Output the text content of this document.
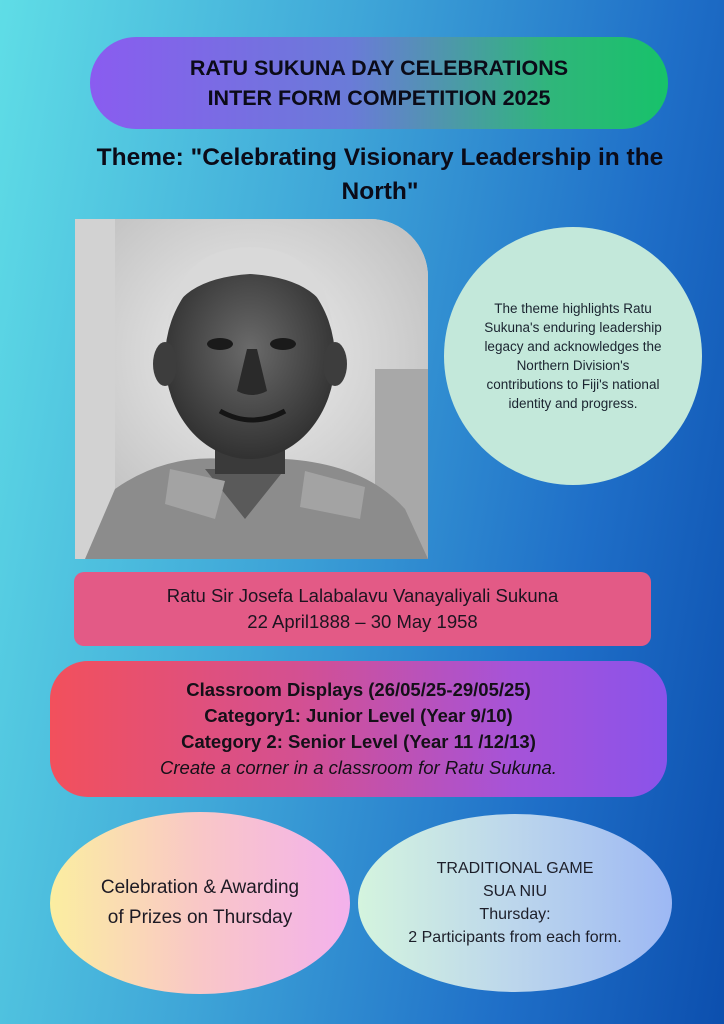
RATU SUKUNA DAY CELEBRATIONS
INTER FORM COMPETITION 2025
Theme: "Celebrating Visionary Leadership in the North"
The theme highlights Ratu Sukuna's enduring leadership legacy and acknowledges the Northern Division's contributions to Fiji's national identity and progress.
Ratu Sir Josefa Lalabalavu Vanayaliyali Sukuna
22 April1888 – 30 May 1958
Classroom Displays (26/05/25-29/05/25)
Category1: Junior Level (Year 9/10)
Category 2: Senior Level (Year 11 /12/13)
Create a corner in a classroom for Ratu Sukuna.
Celebration & Awarding of Prizes on Thursday
TRADITIONAL GAME
SUA NIU
Thursday:
2 Participants from each form.
